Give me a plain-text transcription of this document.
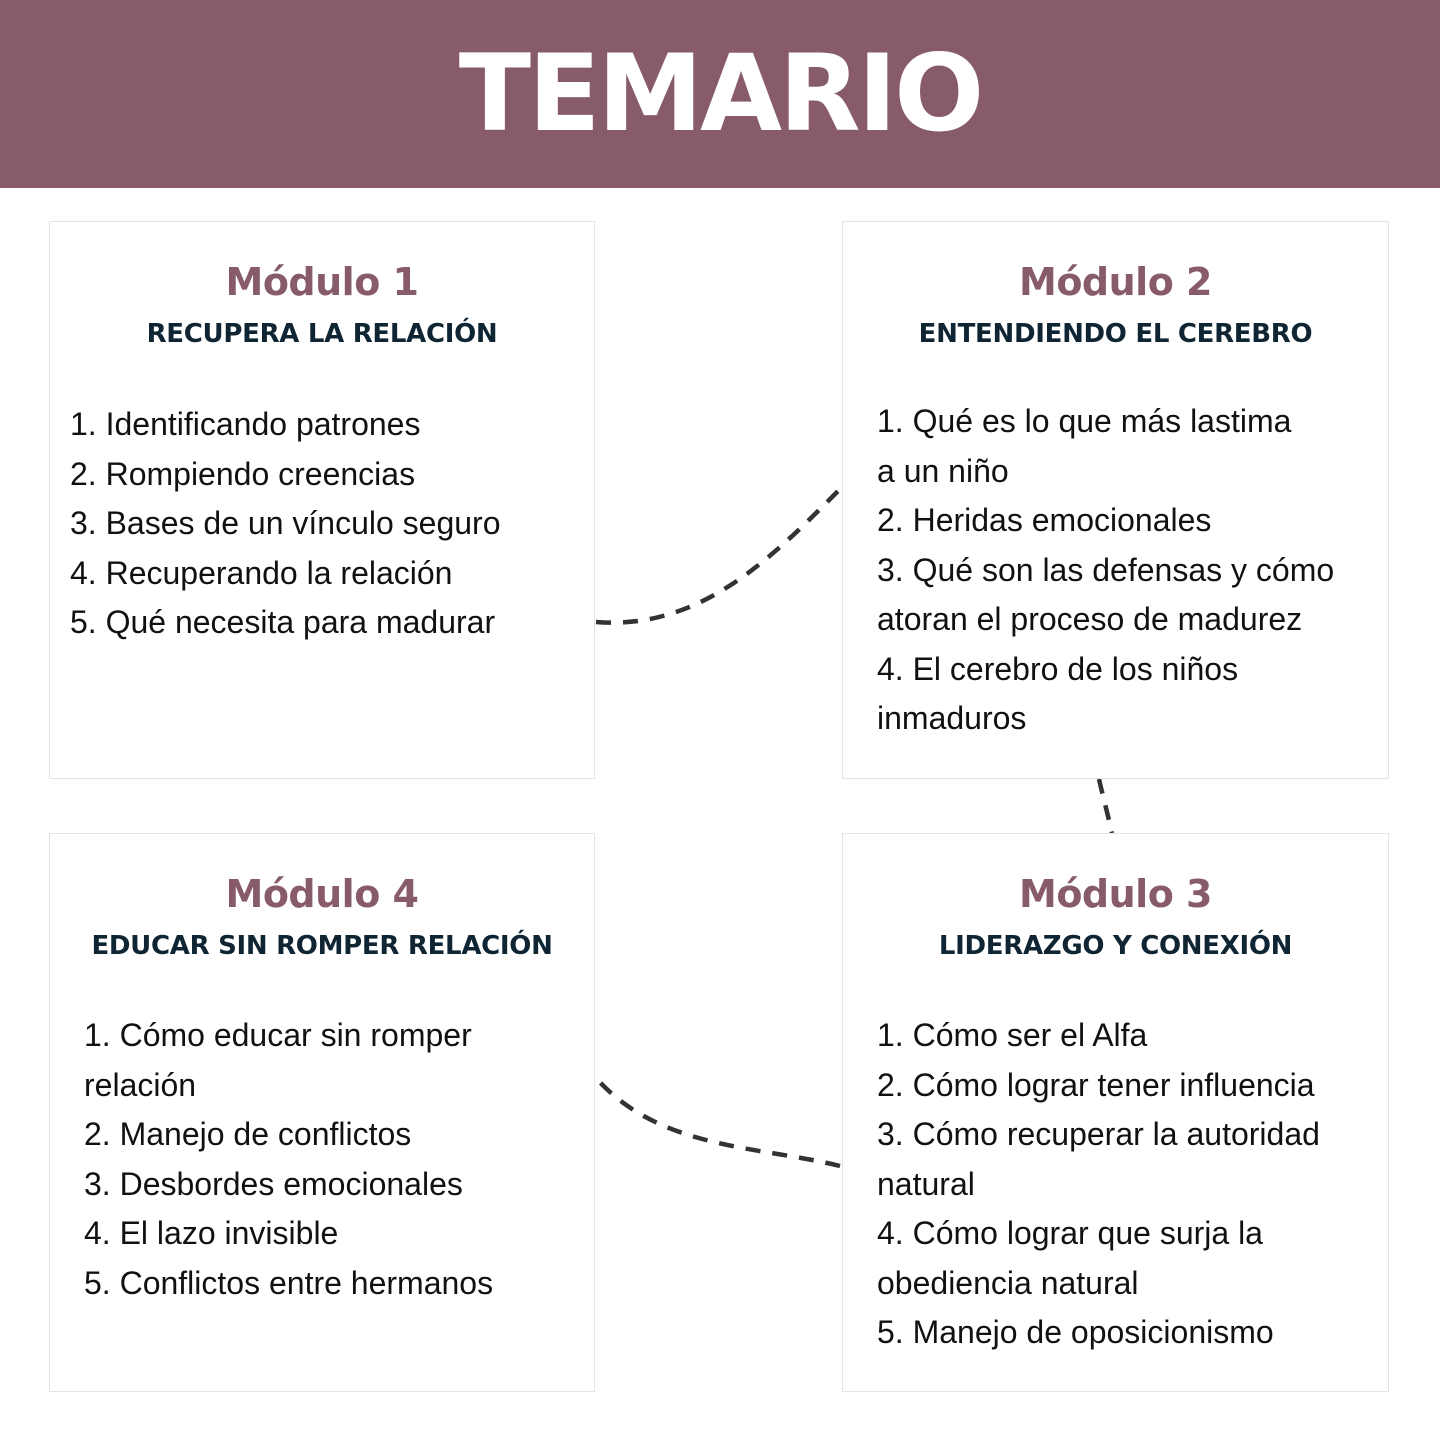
TEMARIO
Módulo 1
RECUPERA LA RELACIÓN
1. Identificando patrones
2. Rompiendo creencias
3. Bases de un vínculo seguro
4. Recuperando la relación
5. Qué necesita para madurar
Módulo 2
ENTENDIENDO EL CEREBRO
1. Qué es lo que más lastima
a un niño
2. Heridas emocionales
3. Qué son las defensas y cómo
atoran el proceso de madurez
4. El cerebro de los niños
inmaduros
Módulo 4
EDUCAR SIN ROMPER RELACIÓN
1. Cómo educar sin romper
relación
2. Manejo de conflictos
3. Desbordes emocionales
4. El lazo invisible
5. Conflictos entre hermanos
Módulo 3
LIDERAZGO Y CONEXIÓN
1. Cómo ser el Alfa
2. Cómo lograr tener influencia
3. Cómo recuperar la autoridad
natural
4. Cómo lograr que surja la
obediencia natural
5. Manejo de oposicionismo
